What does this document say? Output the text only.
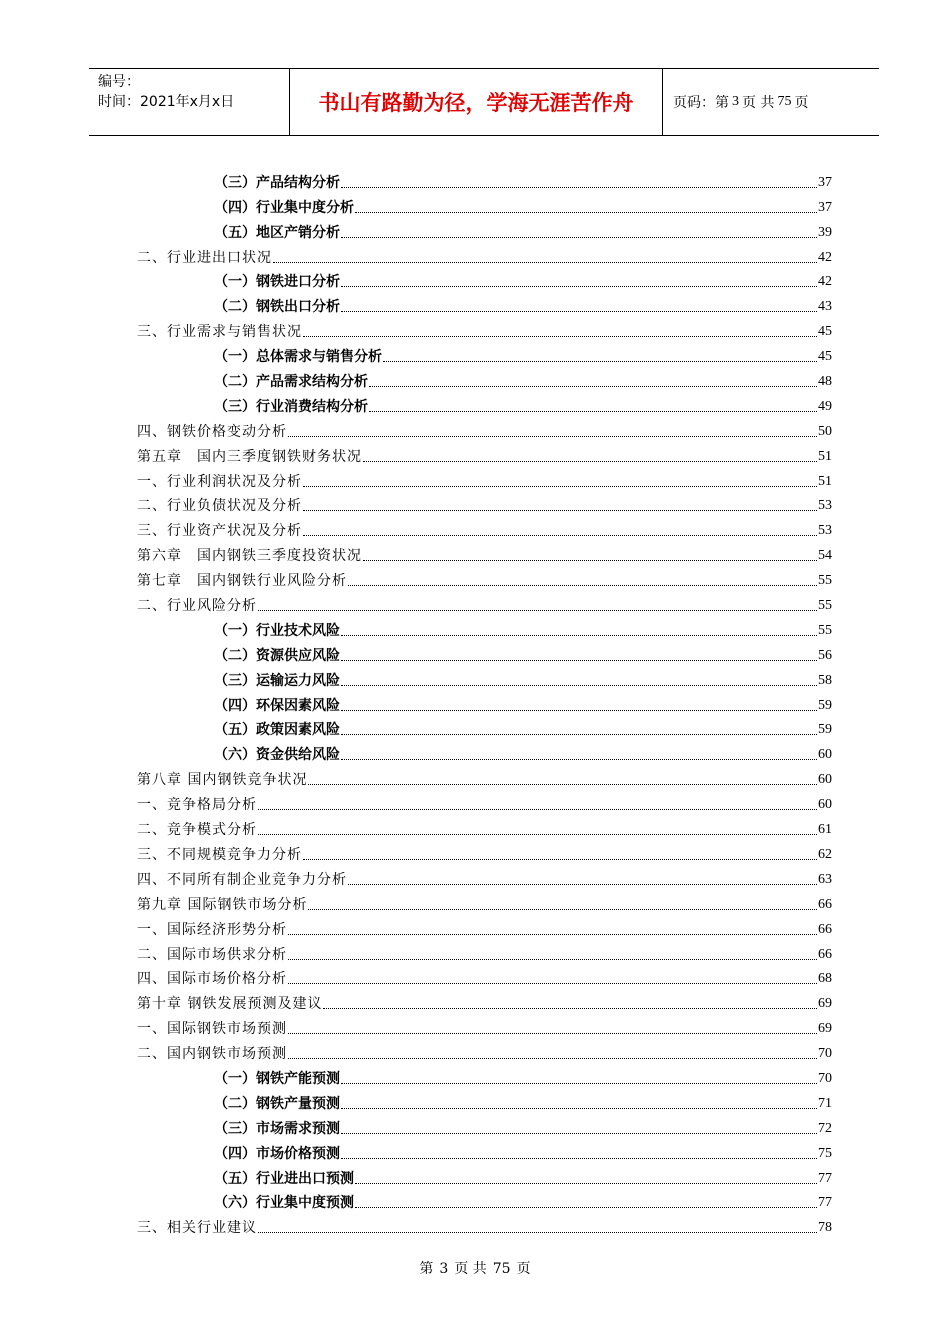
编号：
时间：2021年x月x日	书山有路勤为径，学海无涯苦作舟	页码：第 3 页 共 75 页
（三）产品结构分析	37
（四）行业集中度分析	37
（五）地区产销分析	39
二、行业进出口状况	42
（一）钢铁进口分析	42
（二）钢铁出口分析	43
三、行业需求与销售状况	45
（一）总体需求与销售分析	45
（二）产品需求结构分析	48
（三）行业消费结构分析	49
四、钢铁价格变动分析	50
第五章　国内三季度钢铁财务状况	51
一、行业利润状况及分析	51
二、行业负债状况及分析	53
三、行业资产状况及分析	53
第六章　国内钢铁三季度投资状况	54
第七章　国内钢铁行业风险分析	55
二、行业风险分析	55
（一）行业技术风险	55
（二）资源供应风险	56
（三）运输运力风险	58
（四）环保因素风险	59
（五）政策因素风险	59
（六）资金供给风险	60
第八章 国内钢铁竞争状况	60
一、竞争格局分析	60
二、竞争模式分析	61
三、不同规模竞争力分析	62
四、不同所有制企业竞争力分析	63
第九章 国际钢铁市场分析	66
一、国际经济形势分析	66
二、国际市场供求分析	66
四、国际市场价格分析	68
第十章 钢铁发展预测及建议	69
一、国际钢铁市场预测	69
二、国内钢铁市场预测	70
（一）钢铁产能预测	70
（二）钢铁产量预测	71
（三）市场需求预测	72
（四）市场价格预测	75
（五）行业进出口预测	77
（六）行业集中度预测	77
三、相关行业建议	78
第 3 页 共 75 页
